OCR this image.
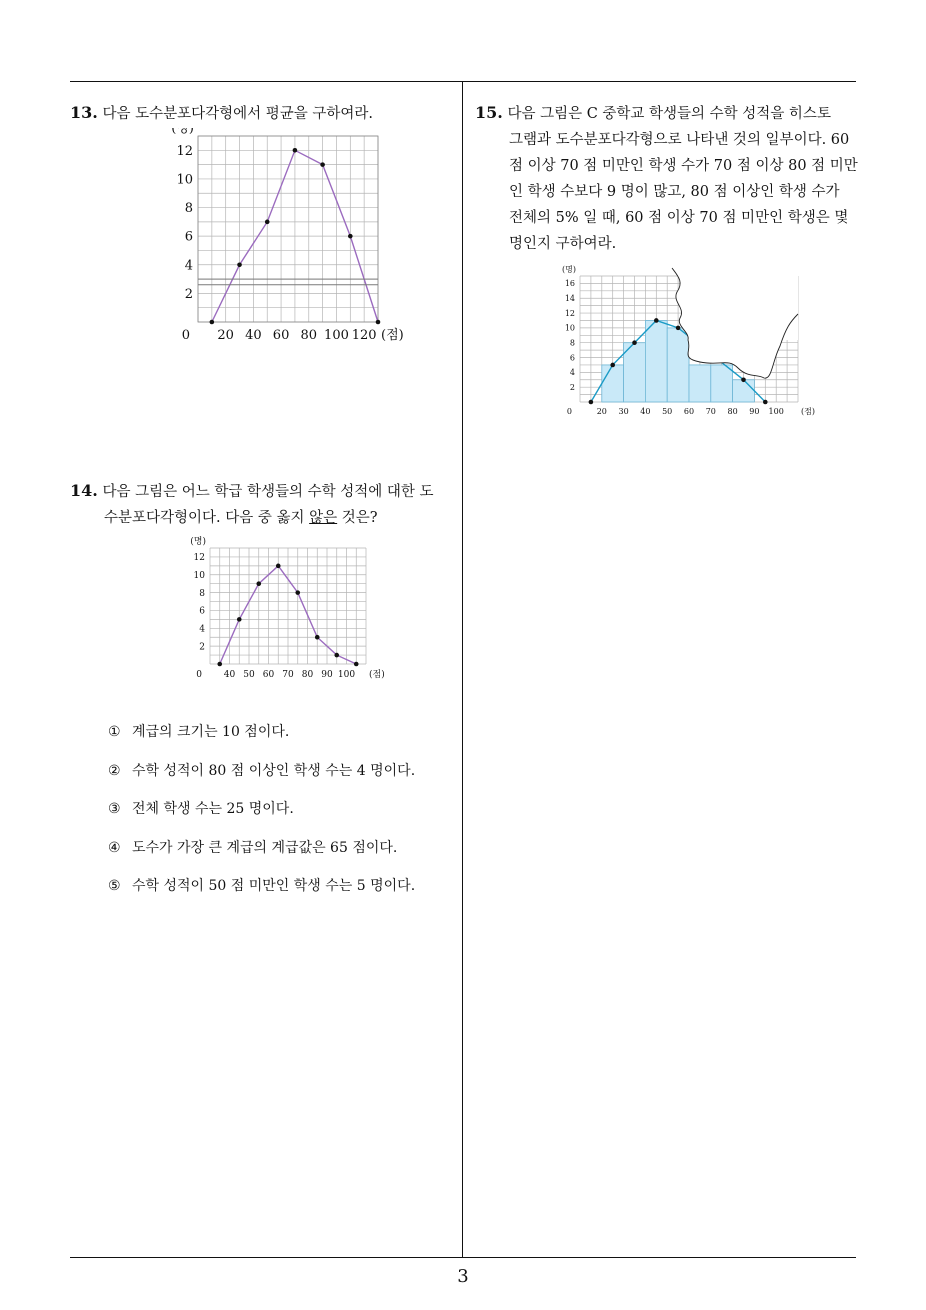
13. 다음 도수분포다각형에서 평균을 구하여라.
2
4
6
8
10
12
20 40 60 80 100 120
0	(점)
(명)
14. 다음 그림은 어느 학급 학생들의 수학 성적에 대한 도
수분포다각형이다. 다음 중 옳지 않은 것은?
2
4
6
8
10
12
40 50 60 70 80 90 100
0	(점)
(명)
① 계급의 크기는 10 점이다.
② 수학 성적이 80 점 이상인 학생 수는 4 명이다.
③ 전체 학생 수는 25 명이다.
④ 도수가 가장 큰 계급의 계급값은 65 점이다.
⑤ 수학 성적이 50 점 미만인 학생 수는 5 명이다.
15. 다음 그림은 C 중학교 학생들의 수학 성적을 히스토
그램과 도수분포다각형으로 나타낸 것의 일부이다. 60
점 이상 70 점 미만인 학생 수가 70 점 이상 80 점 미만
인 학생 수보다 9 명이 많고, 80 점 이상인 학생 수가
전체의 5% 일 때, 60 점 이상 70 점 미만인 학생은 몇
명인지 구하여라.
2
4
6
8
10
12
14
16
20 30 40 50 60 70 80 90 100
0	(점)
(명)
3
